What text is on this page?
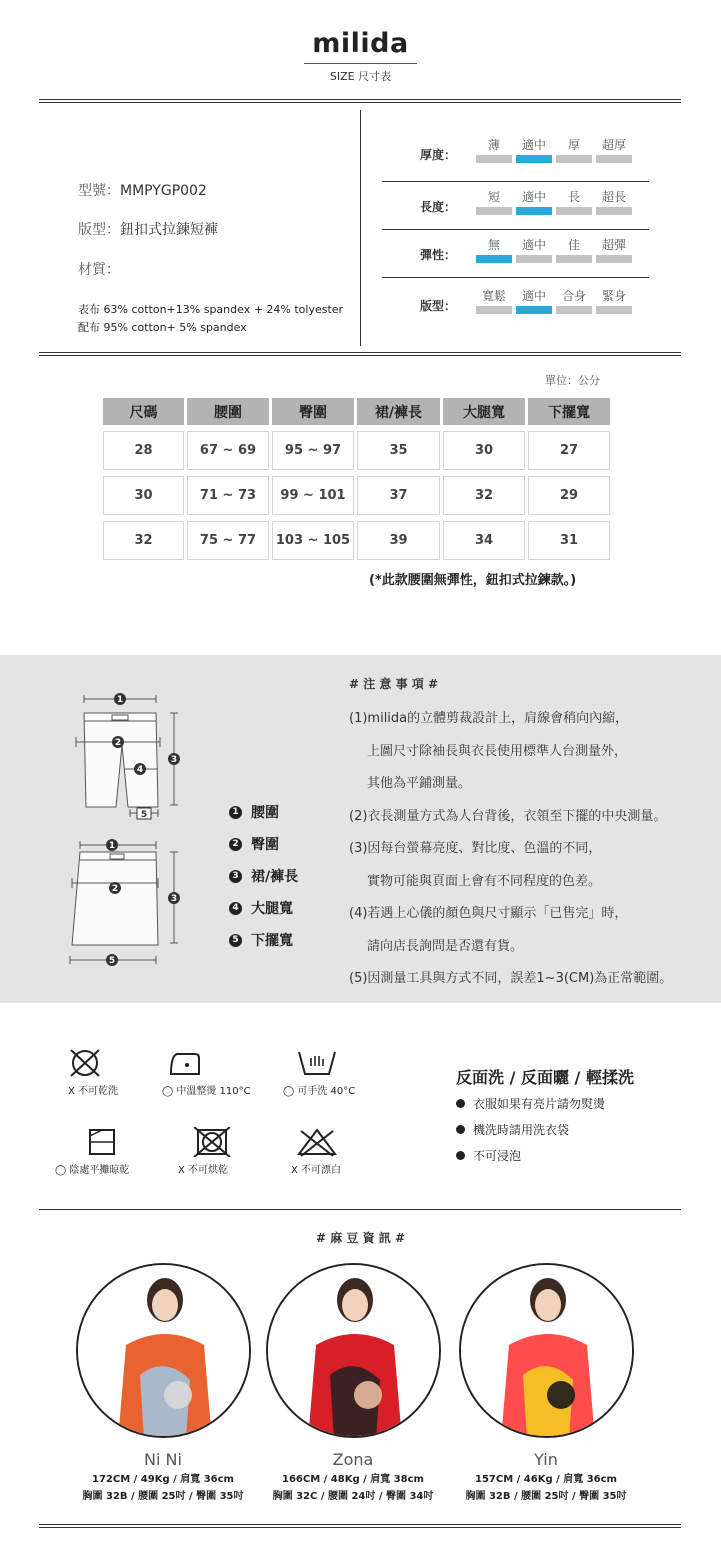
milida
SIZE 尺寸表
型號：MMPYGP002
版型：鈕扣式拉鍊短褲
材質：
表布 63% cotton+13% spandex + 24% tolyester
配布 95% cotton+ 5% spandex
厚度：
薄	適中	厚	超厚
長度：
短	適中	長	超長
彈性：
無	適中	佳	超彈
版型：
寬鬆	適中	合身	緊身
單位：公分
尺碼	腰圍	臀圍	裙/褲長	大腿寬	下擺寬
28	67 ~ 69	95 ~ 97	35	30	27
30	71 ~ 73	99 ~ 101	37	32	29
32	75 ~ 77	103 ~ 105	39	34	31
(*此款腰圍無彈性，鈕扣式拉鍊款。)
1
2
3
4
5
1
2
3
5
1 腰圍
2 臀圍
3 裙/褲長
4 大腿寬
5 下擺寬
# 注 意 事 項 #
(1)milida的立體剪裁設計上，肩線會稍向內縮，
上圖尺寸除袖長與衣長使用標準人台測量外，
其他為平鋪測量。
(2)衣長測量方式為人台背後，衣領至下擺的中央測量。
(3)因每台螢幕亮度、對比度、色溫的不同，
實物可能與頁面上會有不同程度的色差。
(4)若遇上心儀的顏色與尺寸顯示「已售完」時，
請向店長詢問是否還有貨。
(5)因測量工具與方式不同，誤差1~3(CM)為正常範圍。
X 不可乾洗	◯ 中溫整燙 110°C	◯ 可手洗 40°C
◯ 陰處平攤晾乾	X 不可烘乾	X 不可漂白
反面洗 / 反面曬 / 輕揉洗
衣服如果有亮片請勿熨燙
機洗時請用洗衣袋
不可浸泡
# 麻 豆 資 訊 #
Ni Ni
172CM / 49Kg / 肩寬 36cm
胸圍 32B / 腰圍 25吋 / 臀圍 35吋
Zona
166CM / 48Kg / 肩寬 38cm
胸圍 32C / 腰圍 24吋 / 臀圍 34吋
Yin
157CM / 46Kg / 肩寬 36cm
胸圍 32B / 腰圍 25吋 / 臀圍 35吋
